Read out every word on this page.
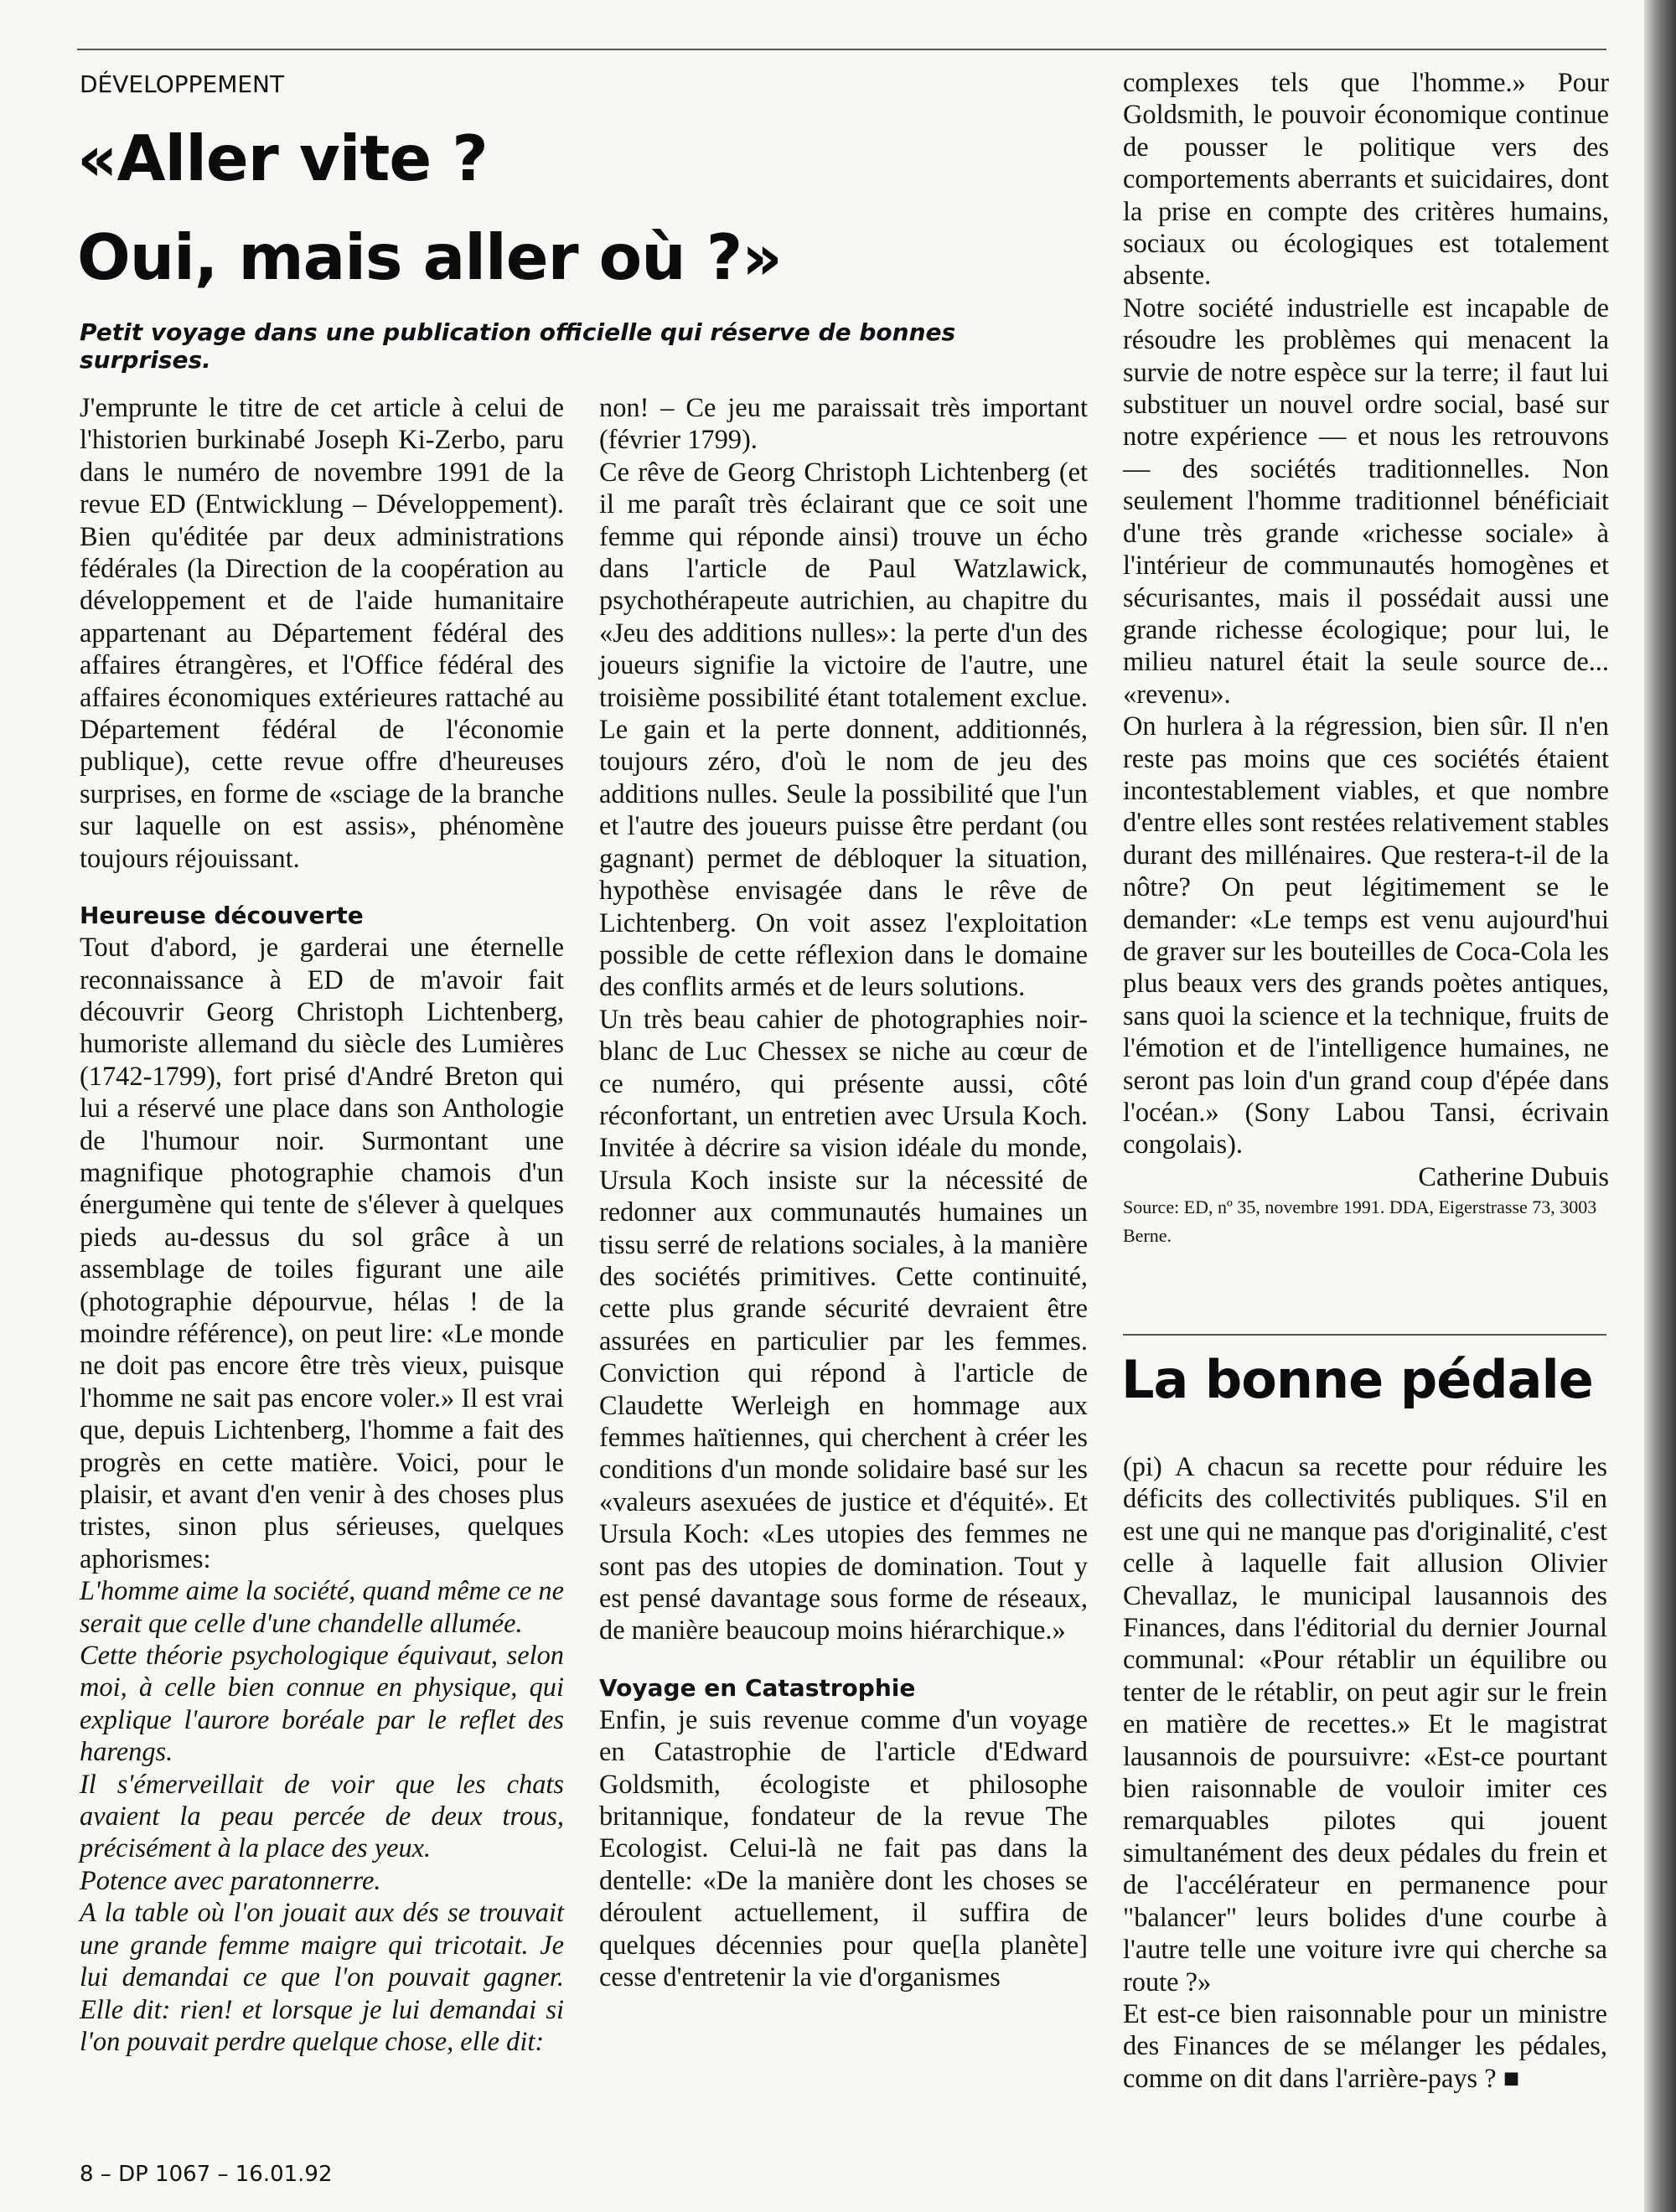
DÉVELOPPEMENT
«Aller vite ?
Oui, mais aller où ?»
Petit voyage dans une publication officielle qui réserve de bonnes surprises.

J'emprunte le titre de cet article à celui de l'historien burkinabé Joseph Ki-Zerbo, paru dans le numéro de novembre 1991 de la revue ED (Entwicklung – Développement). Bien qu'éditée par deux administrations fédérales (la Direction de la coopération au développement et de l'aide humanitaire appartenant au Département fédéral des affaires étrangères, et l'Office fédéral des affaires économiques extérieures rattaché au Département fédéral de l'économie publique), cette revue offre d'heureuses surprises, en forme de «sciage de la branche sur laquelle on est assis», phénomène toujours réjouissant.

Heureuse découverte

Tout d'abord, je garderai une éternelle reconnaissance à ED de m'avoir fait découvrir Georg Christoph Lichtenberg, humoriste allemand du siècle des Lumières (1742-1799), fort prisé d'André Breton qui lui a réservé une place dans son Anthologie de l'humour noir. Surmontant une magnifique photographie chamois d'un énergumène qui tente de s'élever à quelques pieds au-dessus du sol grâce à un assemblage de toiles figurant une aile (photographie dépourvue, hélas ! de la moindre référence), on peut lire: «Le monde ne doit pas encore être très vieux, puisque l'homme ne sait pas encore voler.» Il est vrai que, depuis Lichtenberg, l'homme a fait des progrès en cette matière. Voici, pour le plaisir, et avant d'en venir à des choses plus tristes, sinon plus sérieuses, quelques aphorismes:

L'homme aime la société, quand même ce ne serait que celle d'une chandelle allumée.

Cette théorie psychologique équivaut, selon moi, à celle bien connue en physique, qui explique l'aurore boréale par le reflet des harengs.

Il s'émerveillait de voir que les chats avaient la peau percée de deux trous, précisément à la place des yeux.

Potence avec paratonnerre.

A la table où l'on jouait aux dés se trouvait une grande femme maigre qui tricotait. Je lui demandai ce que l'on pouvait gagner. Elle dit: rien! et lorsque je lui demandai si l'on pouvait perdre quelque chose, elle dit:

non! – Ce jeu me paraissait très important (février 1799).

Ce rêve de Georg Christoph Lichtenberg (et il me paraît très éclairant que ce soit une femme qui réponde ainsi) trouve un écho dans l'article de Paul Watzlawick, psychothérapeute autrichien, au chapitre du «Jeu des additions nulles»: la perte d'un des joueurs signifie la victoire de l'autre, une troisième possibilité étant totalement exclue. Le gain et la perte donnent, additionnés, toujours zéro, d'où le nom de jeu des additions nulles. Seule la possibilité que l'un et l'autre des joueurs puisse être perdant (ou gagnant) permet de débloquer la situation, hypothèse envisagée dans le rêve de Lichtenberg. On voit assez l'exploitation possible de cette réflexion dans le domaine des conflits armés et de leurs solutions.

Un très beau cahier de photographies noir-blanc de Luc Chessex se niche au cœur de ce numéro, qui présente aussi, côté réconfortant, un entretien avec Ursula Koch. Invitée à décrire sa vision idéale du monde, Ursula Koch insiste sur la nécessité de redonner aux communautés humaines un tissu serré de relations sociales, à la manière des sociétés primitives. Cette continuité, cette plus grande sécurité devraient être assurées en particulier par les femmes. Conviction qui répond à l'article de Claudette Werleigh en hommage aux femmes haïtiennes, qui cherchent à créer les conditions d'un monde solidaire basé sur les «valeurs asexuées de justice et d'équité». Et Ursula Koch: «Les utopies des femmes ne sont pas des utopies de domination. Tout y est pensé davantage sous forme de réseaux, de manière beaucoup moins hiérarchique.»

Voyage en Catastrophie

Enfin, je suis revenue comme d'un voyage en Catastrophie de l'article d'Edward Goldsmith, écologiste et philosophe britannique, fondateur de la revue The Ecologist. Celui-là ne fait pas dans la dentelle: «De la manière dont les choses se déroulent actuellement, il suffira de quelques décennies pour que[la planète] cesse d'entretenir la vie d'organismes

complexes tels que l'homme.» Pour Goldsmith, le pouvoir économique continue de pousser le politique vers des comportements aberrants et suicidaires, dont la prise en compte des critères humains, sociaux ou écologiques est totalement absente.

Notre société industrielle est incapable de résoudre les problèmes qui menacent la survie de notre espèce sur la terre; il faut lui substituer un nouvel ordre social, basé sur notre expérience — et nous les retrouvons — des sociétés traditionnelles. Non seulement l'homme traditionnel bénéficiait d'une très grande «richesse sociale» à l'intérieur de communautés homogènes et sécurisantes, mais il possédait aussi une grande richesse écologique; pour lui, le milieu naturel était la seule source de... «revenu».

On hurlera à la régression, bien sûr. Il n'en reste pas moins que ces sociétés étaient incontestablement viables, et que nombre d'entre elles sont restées relativement stables durant des millénaires. Que restera-t-il de la nôtre? On peut légitimement se le demander: «Le temps est venu aujourd'hui de graver sur les bouteilles de Coca-Cola les plus beaux vers des grands poètes antiques, sans quoi la science et la technique, fruits de l'émotion et de l'intelligence humaines, ne seront pas loin d'un grand coup d'épée dans l'océan.» (Sony Labou Tansi, écrivain congolais).

Catherine Dubuis

Source: ED, nº 35, novembre 1991. DDA, Eigerstrasse 73, 3003 Berne.

La bonne pédale

(pi) A chacun sa recette pour réduire les déficits des collectivités publiques. S'il en est une qui ne manque pas d'originalité, c'est celle à laquelle fait allusion Olivier Chevallaz, le municipal lausannois des Finances, dans l'éditorial du dernier Journal communal: «Pour rétablir un équilibre ou tenter de le rétablir, on peut agir sur le frein en matière de recettes.» Et le magistrat lausannois de poursuivre: «Est-ce pourtant bien raisonnable de vouloir imiter ces remarquables pilotes qui jouent simultanément des deux pédales du frein et de l'accélérateur en permanence pour "balancer" leurs bolides d'une courbe à l'autre telle une voiture ivre qui cherche sa route ?»

Et est-ce bien raisonnable pour un ministre des Finances de se mélanger les pédales, comme on dit dans l'arrière-pays ? ■

8 – DP 1067 – 16.01.92
